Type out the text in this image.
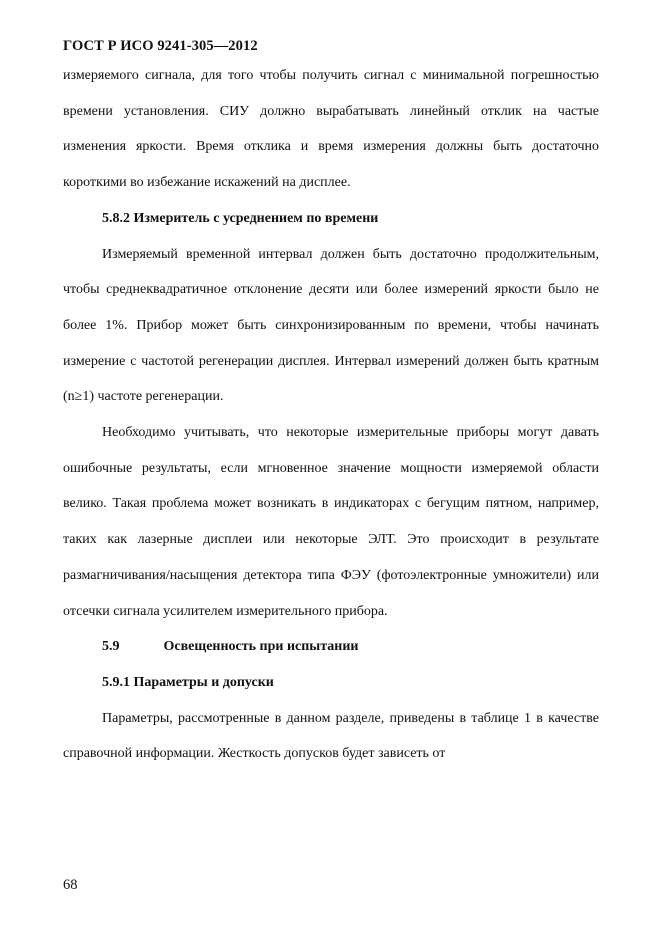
ГОСТ Р ИСО 9241-305—2012

измеряемого сигнала, для того чтобы получить сигнал с минимальной погрешностью времени установления. СИУ должно вырабатывать линейный отклик на частые изменения яркости. Время отклика и время измерения должны быть достаточно короткими во избежание искажений на дисплее.

5.8.2 Измеритель с усреднением по времени

Измеряемый временной интервал должен быть достаточно продолжительным, чтобы среднеквадратичное отклонение десяти или более измерений яркости было не более 1%. Прибор может быть синхронизированным по времени, чтобы начинать измерение с частотой регенерации дисплея. Интервал измерений должен быть кратным (n≥1) частоте регенерации.

Необходимо учитывать, что некоторые измерительные приборы могут давать ошибочные результаты, если мгновенное значение мощности измеряемой области велико. Такая проблема может возникать в индикаторах с бегущим пятном, например, таких как лазерные дисплеи или некоторые ЭЛТ. Это происходит в результате размагничивания/насыщения детектора типа ФЭУ (фотоэлектронные умножители) или отсечки сигнала усилителем измерительного прибора.

5.9	Освещенность при испытании

5.9.1 Параметры и допуски

Параметры, рассмотренные в данном разделе, приведены в таблице 1 в качестве справочной информации. Жесткость допусков будет зависеть от

68
